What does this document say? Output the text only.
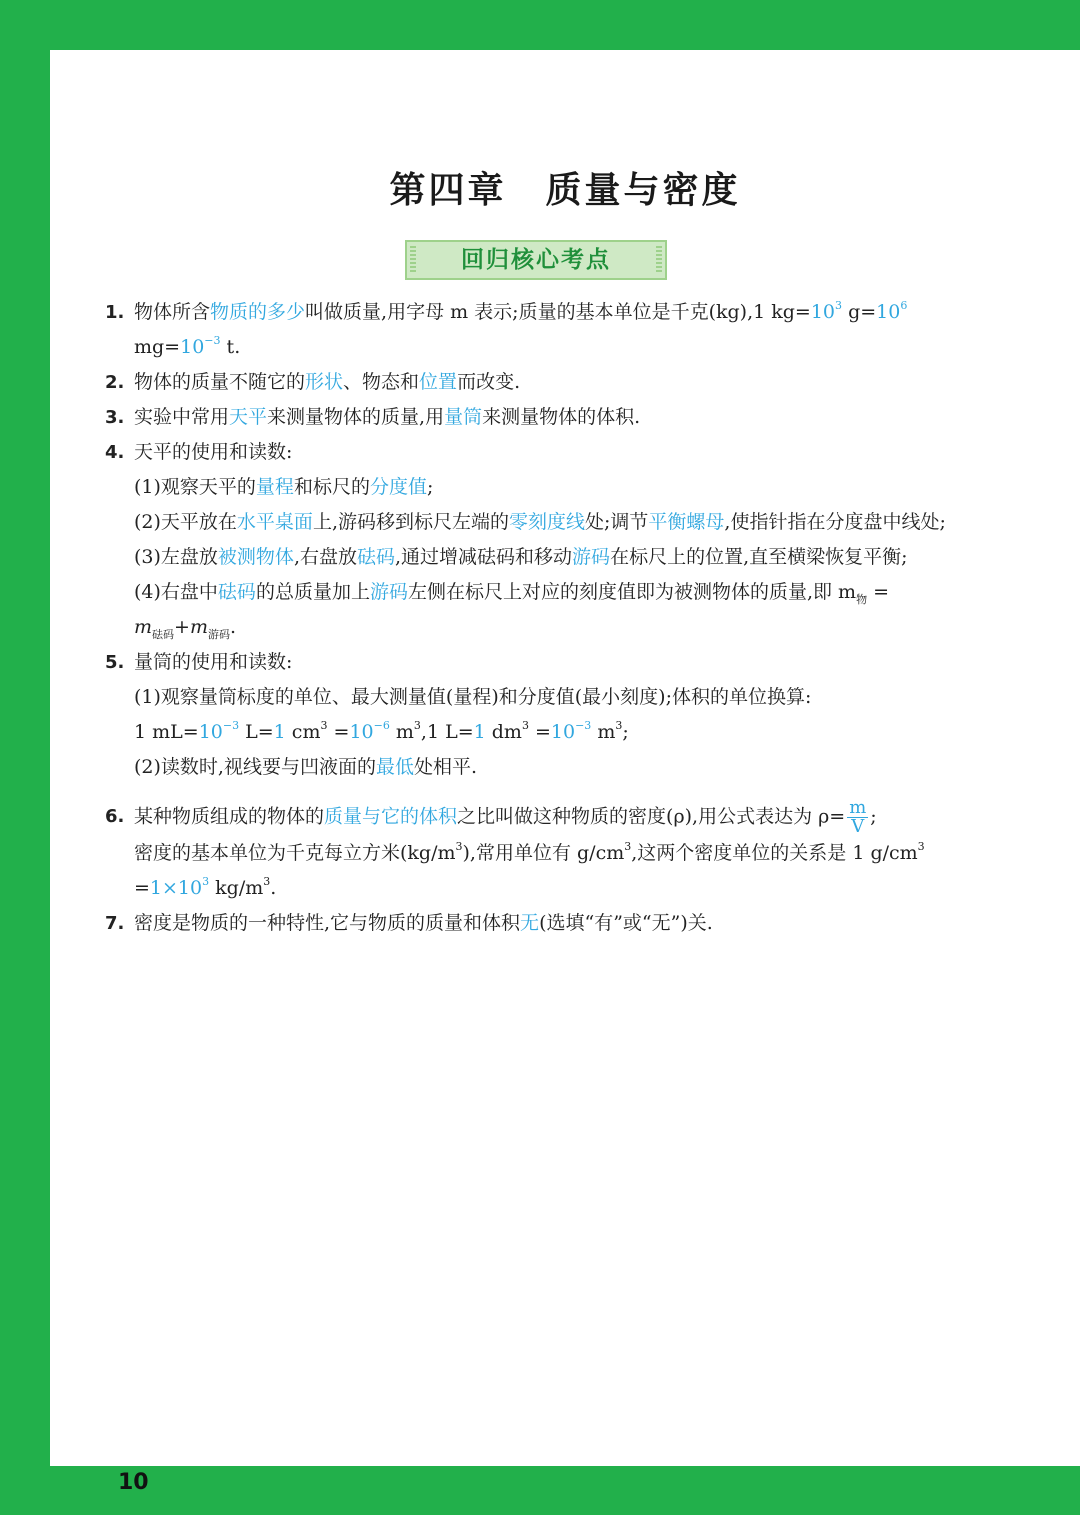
第四章　质量与密度
回归核心考点
1. 物体所含物质的多少叫做质量,用字母 m 表示;质量的基本单位是千克(kg),1 $kg=10^3$ $g=10^6$
$mg=10^{-3}$ t.
2. 物体的质量不随它的形状、物态和位置而改变.
3. 实验中常用天平来测量物体的质量,用量筒来测量物体的体积.
4. 天平的使用和读数:
(1)观察天平的量程和标尺的分度值;
(2)天平放在水平桌面上,游码移到标尺左端的零刻度线处;调节平衡螺母,使指针指在分度盘中线处;
(3)左盘放被测物体,右盘放砝码,通过增减砝码和移动游码在标尺上的位置,直至横梁恢复平衡;
(4)右盘中砝码的总质量加上游码左侧在标尺上对应的刻度值即为被测物体的质量,即 $m_物$ =
$m_{砝码}+m_{游码}$.
5. 量筒的使用和读数:
(1)观察量筒标度的单位、最大测量值(量程)和分度值(最小刻度);体积的单位换算:
1 $mL=10^{-3}$ L=1 $cm^3 =10^{-6}$ $m^3,1$ L=1 $dm^3 =10^{-3}$ $m^3$;
(2)读数时,视线要与凹液面的最低处相平.
6. 某种物质组成的物体的质量与它的体积之比叫做这种物质的密度(ρ),用公式表达为 $\rho= \frac{m}{V}$ ;
密度的基本单位为千克每立方米$(kg/m^3)$,常用单位有 $g/cm^3$,这两个密度单位的关系是 1 $g/cm^3 =1\times 10^3$ $kg/m^3$.
7. 密度是物质的一种特性,它与物质的质量和体积无(选填“有”或“无”)关.
10
